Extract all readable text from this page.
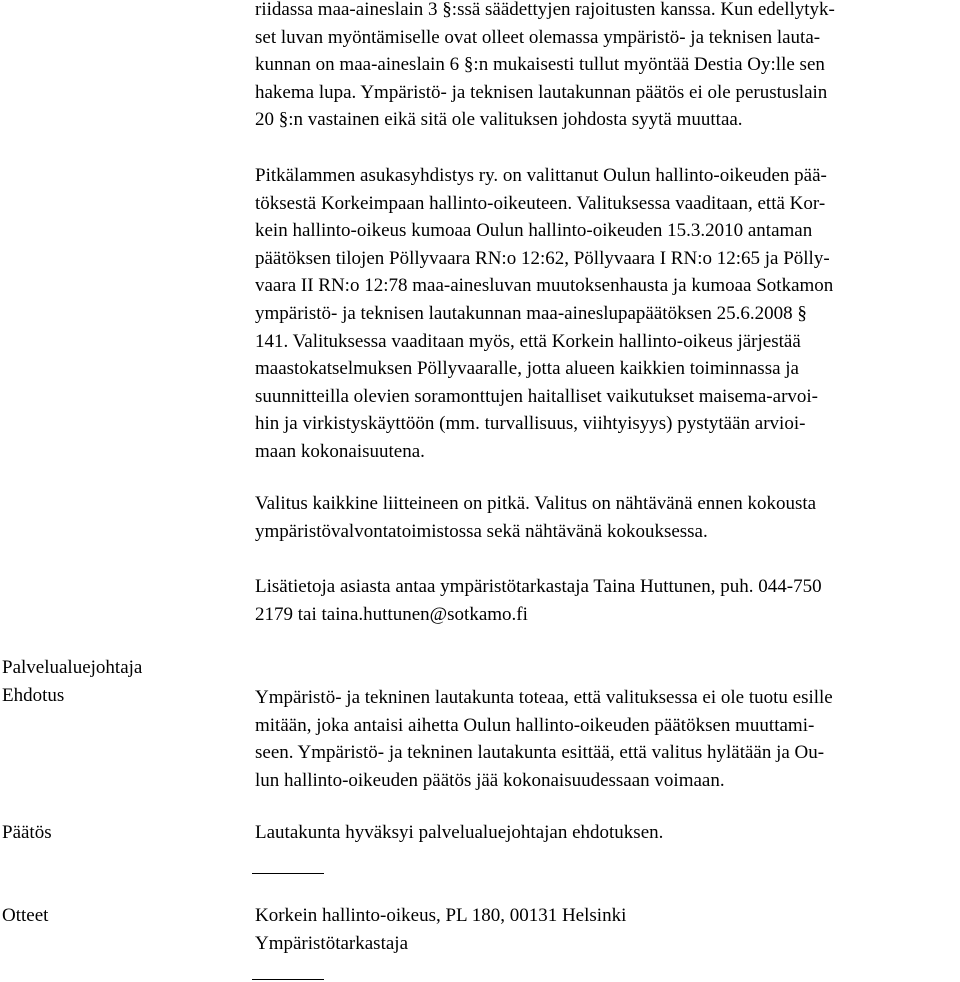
riidassa maa-aineslain 3 §:ssä säädettyjen rajoitusten kanssa. Kun edellytyk-
set luvan myöntämiselle ovat olleet olemassa ympäristö- ja teknisen lauta-
kunnan on maa-aineslain 6 §:n mukaisesti tullut myöntää Destia Oy:lle sen
hakema lupa. Ympäristö- ja teknisen lautakunnan päätös ei ole perustuslain
20 §:n vastainen eikä sitä ole valituksen johdosta syytä muuttaa.
Pitkälammen asukasyhdistys ry. on valittanut Oulun hallinto-oikeuden pää-
töksestä Korkeimpaan hallinto-oikeuteen. Valituksessa vaaditaan, että Kor-
kein hallinto-oikeus kumoaa Oulun hallinto-oikeuden 15.3.2010 antaman
päätöksen tilojen Pöllyvaara RN:o 12:62, Pöllyvaara I RN:o 12:65 ja Pölly-
vaara II RN:o 12:78 maa-ainesluvan muutoksenhausta ja kumoaa Sotkamon
ympäristö- ja teknisen lautakunnan maa-aineslupapäätöksen 25.6.2008 §
141. Valituksessa vaaditaan myös, että Korkein hallinto-oikeus järjestää
maastokatselmuksen Pöllyvaaralle, jotta alueen kaikkien toiminnassa ja
suunnitteilla olevien soramonttujen haitalliset vaikutukset maisema-arvoi-
hin ja virkistyskäyttöön (mm. turvallisuus, viihtyisyys) pystytään arvioi-
maan kokonaisuutena.
Valitus kaikkine liitteineen on pitkä. Valitus on nähtävänä ennen kokousta
ympäristövalvontatoimistossa sekä nähtävänä kokouksessa.
Lisätietoja asiasta antaa ympäristötarkastaja Taina Huttunen, puh. 044-750
2179 tai taina.huttunen@sotkamo.fi
Palvelualuejohtaja
Ehdotus	Ympäristö- ja tekninen lautakunta toteaa, että valituksessa ei ole tuotu esille
mitään, joka antaisi aihetta Oulun hallinto-oikeuden päätöksen muuttami-
seen. Ympäristö- ja tekninen lautakunta esittää, että valitus hylätään ja Ou-
lun hallinto-oikeuden päätös jää kokonaisuudessaan voimaan.
Päätös	Lautakunta hyväksyi palvelualuejohtajan ehdotuksen.
Otteet	Korkein hallinto-oikeus, PL 180, 00131 Helsinki
Ympäristötarkastaja
